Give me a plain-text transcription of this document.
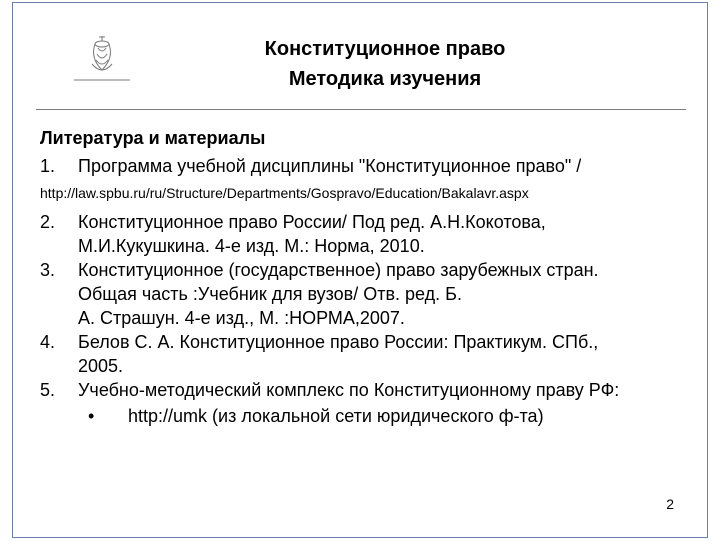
Конституционное право
Методика изучения
Литература и материалы
1.	Программа учебной дисциплины "Конституционное право" /
http://law.spbu.ru/ru/Structure/Departments/Gospravo/Education/Bakalavr.aspx
2.	Конституционное право России/ Под ред. А.Н.Кокотова,
М.И.Кукушкина. 4-е изд. М.: Норма, 2010.
3.	Конституционное (государственное) право зарубежных стран.
Общая часть :Учебник для вузов/ Отв. ред. Б.
А. Страшун. 4-е изд., М. :НОРМА,2007.
4.	Белов С. А. Конституционное право России: Практикум. СПб.,
2005.
5.	Учебно-методический комплекс по Конституционному праву РФ:
•	http://umk (из локальной сети юридического ф-та)
2
